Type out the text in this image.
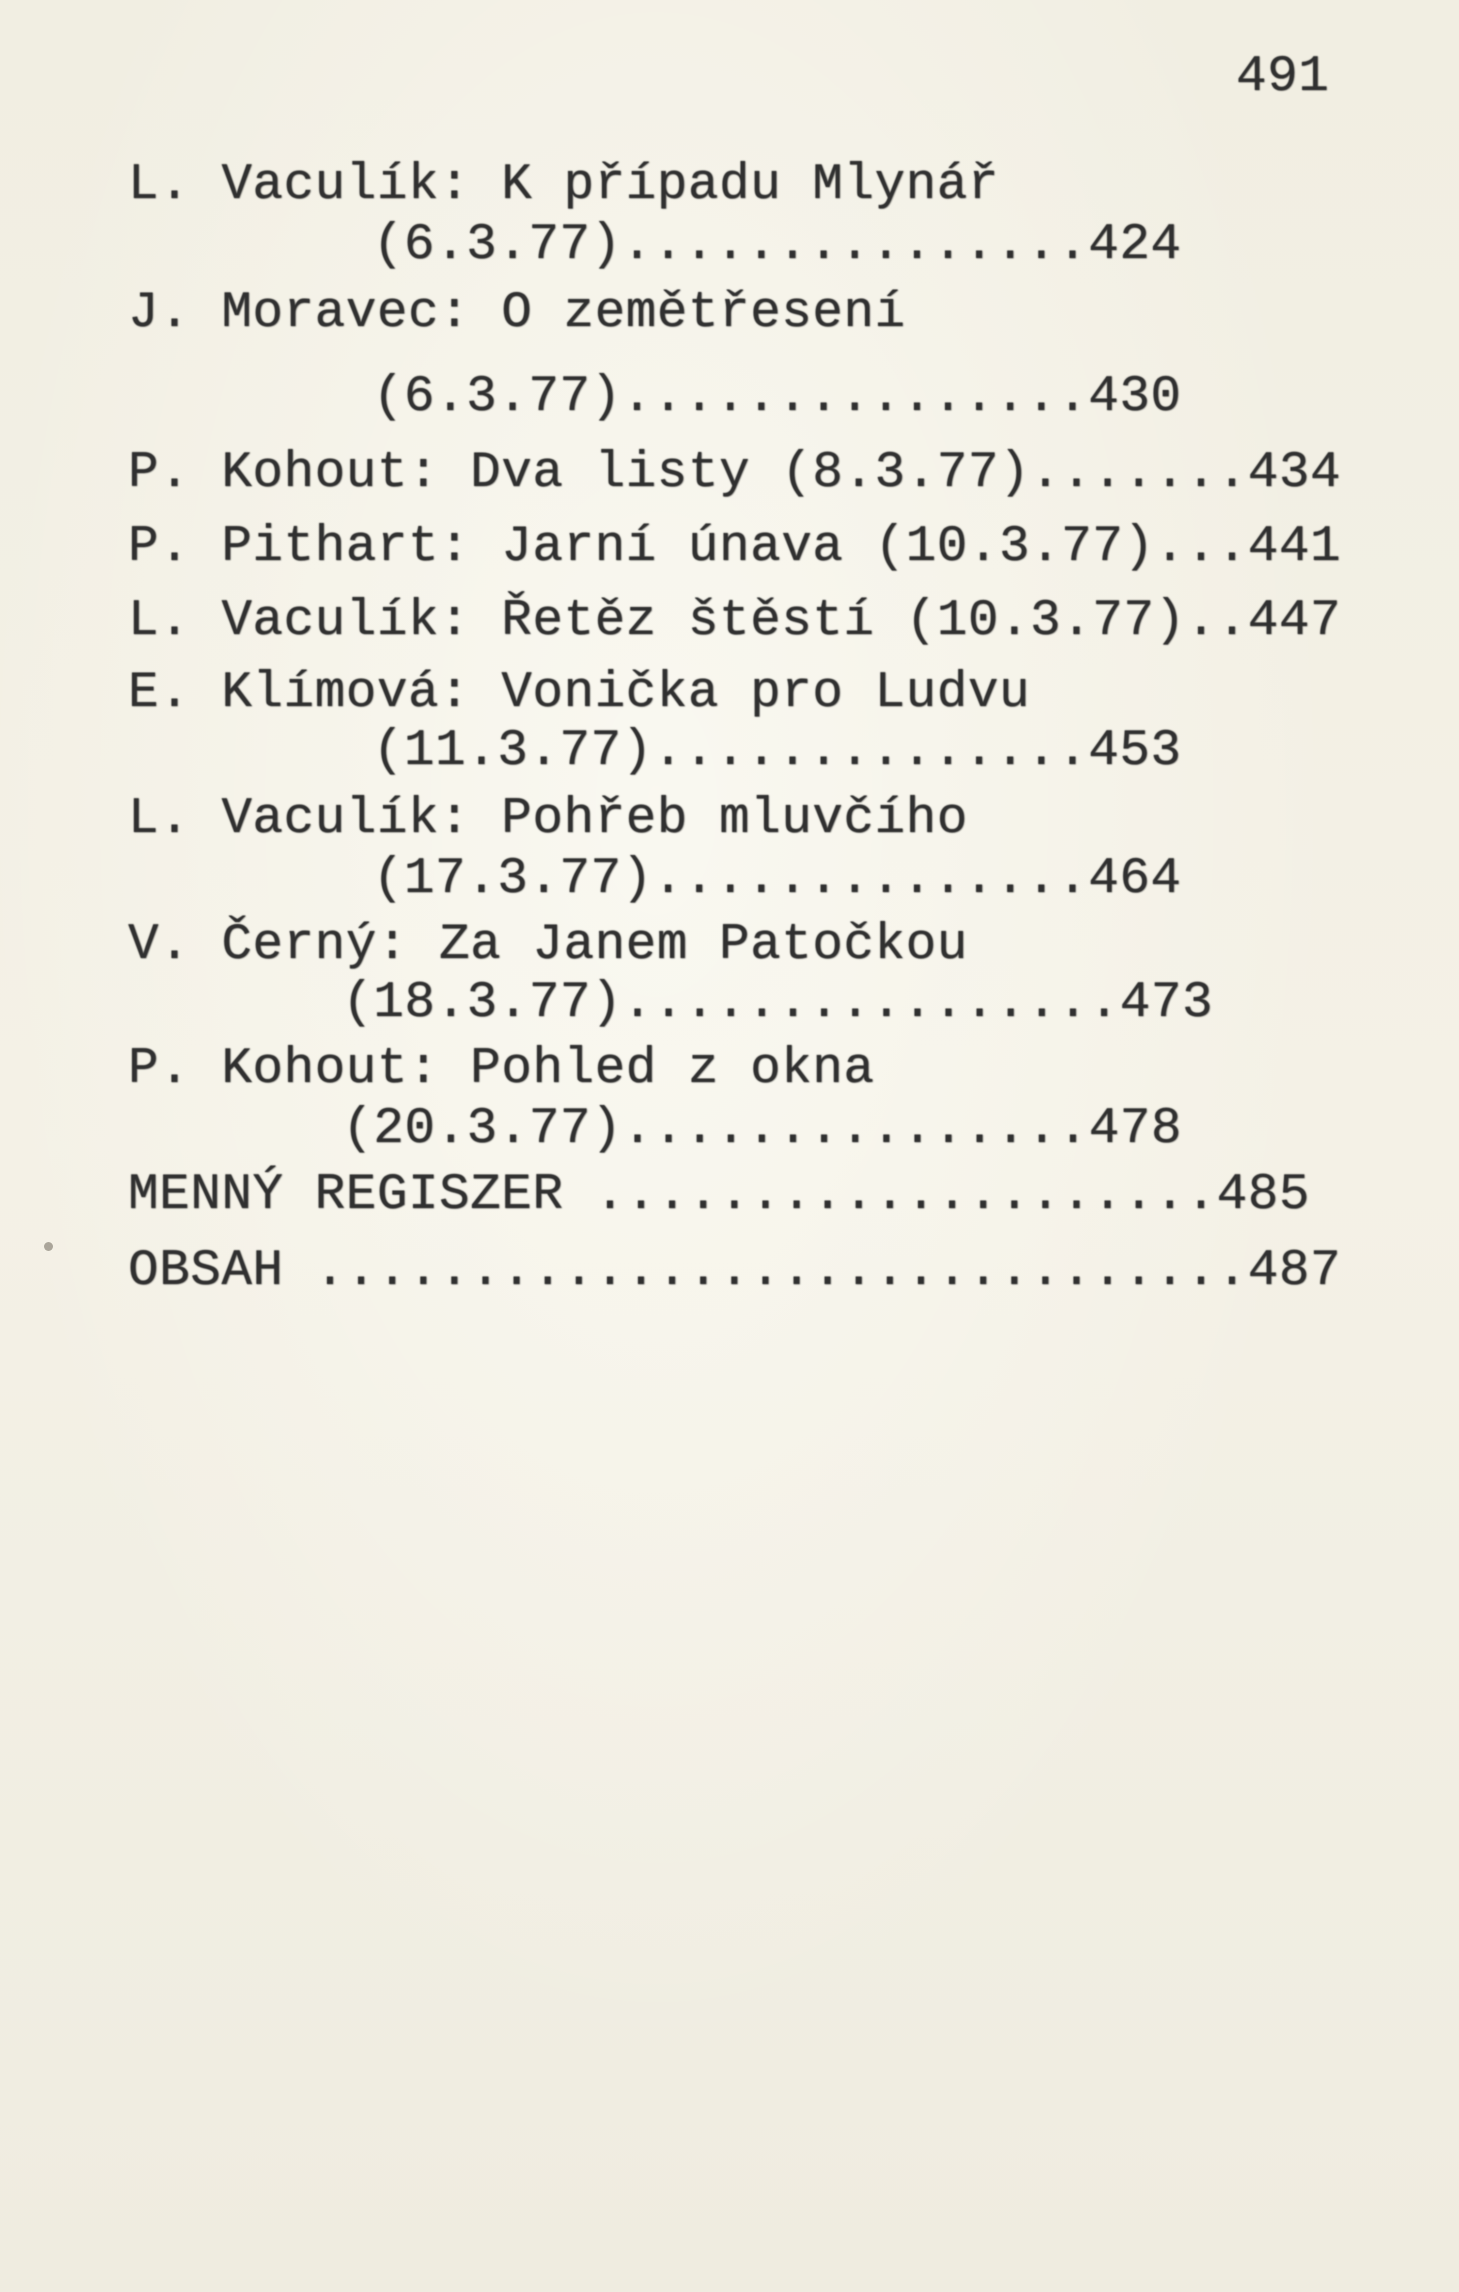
491
L. Vaculík: K případu Mlynář
(6.3.77)...............424
J. Moravec: O zemětřesení
(6.3.77)...............430
P. Kohout: Dva listy (8.3.77).......434
P. Pithart: Jarní únava (10.3.77)...441
L. Vaculík: Řetěz štěstí (10.3.77)..447
E. Klímová: Vonička pro Ludvu
(11.3.77)..............453
L. Vaculík: Pohřeb mluvčího
(17.3.77)..............464
V. Černý: Za Janem Patočkou
(18.3.77)................473
P. Kohout: Pohled z okna
(20.3.77)...............478
MENNÝ REGISZER ....................485
OBSAH ..............................487
